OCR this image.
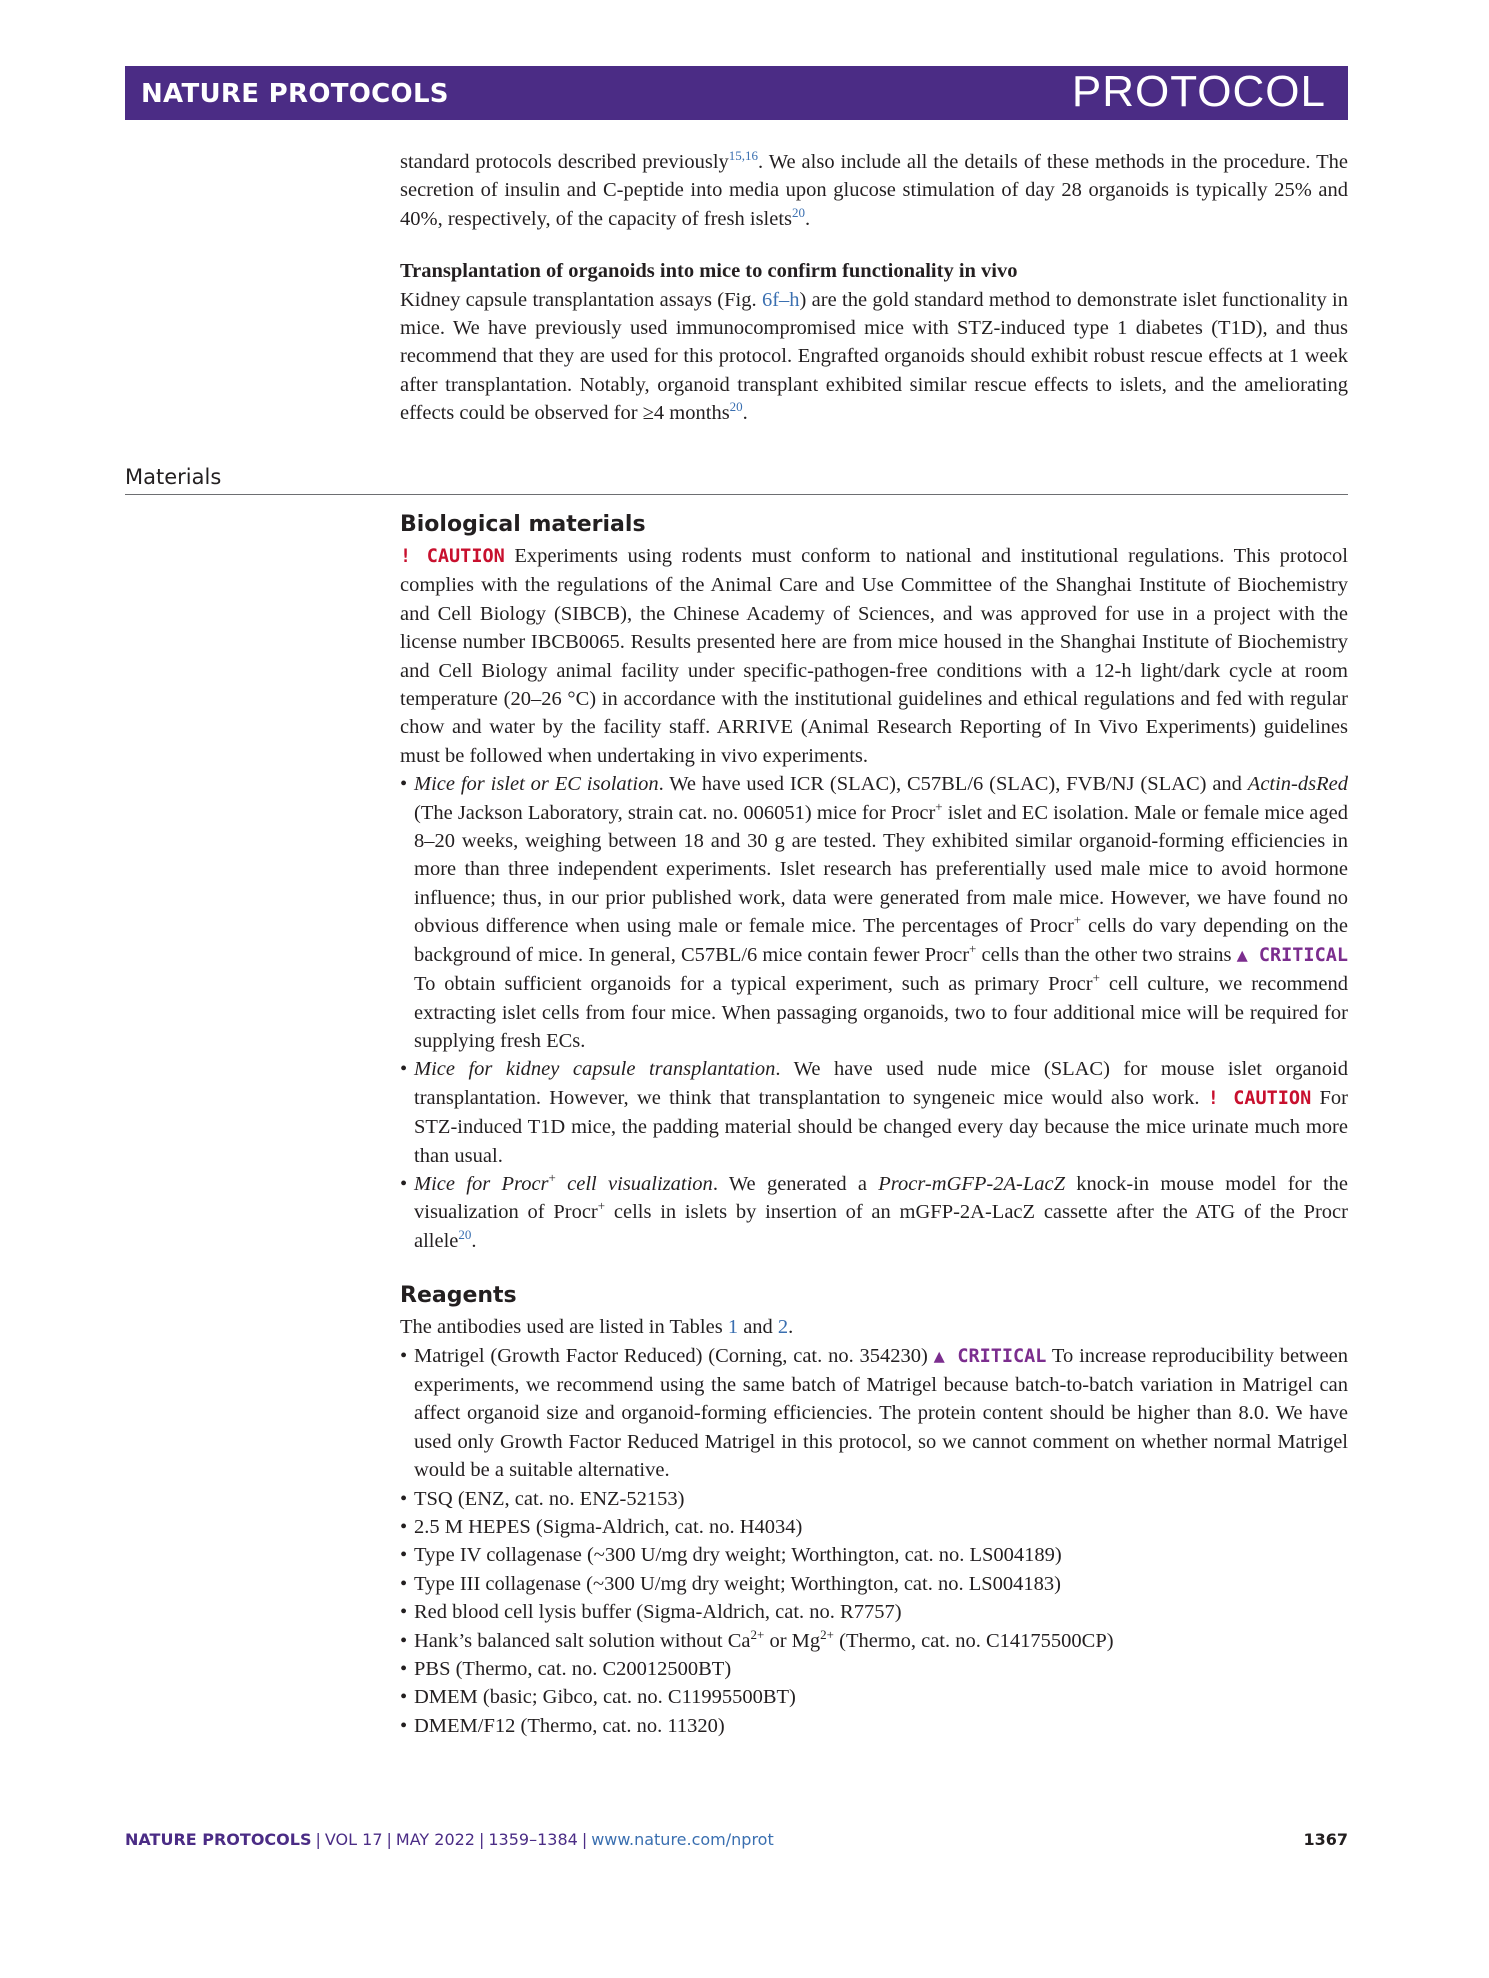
NATURE PROTOCOLS	PROTOCOL

standard protocols described previously$^{15,16}$. We also include all the details of these methods in the procedure. The secretion of insulin and C-peptide into media upon glucose stimulation of day 28 organoids is typically 25% and 40%, respectively, of the capacity of fresh islets$^{20}$.

Transplantation of organoids into mice to confirm functionality in vivo

Kidney capsule transplantation assays (Fig. 6f–h) are the gold standard method to demonstrate islet functionality in mice. We have previously used immunocompromised mice with STZ-induced type 1 diabetes (T1D), and thus recommend that they are used for this protocol. Engrafted organoids should exhibit robust rescue effects at 1 week after transplantation. Notably, organoid transplant exhibited similar rescue effects to islets, and the ameliorating effects could be observed for ≥4 months$^{20}$.

Materials
Biological materials

! CAUTION Experiments using rodents must conform to national and institutional regulations. This protocol complies with the regulations of the Animal Care and Use Committee of the Shanghai Institute of Biochemistry and Cell Biology (SIBCB), the Chinese Academy of Sciences, and was approved for use in a project with the license number IBCB0065. Results presented here are from mice housed in the Shanghai Institute of Biochemistry and Cell Biology animal facility under specific-pathogen-free conditions with a 12-h light/dark cycle at room temperature (20–26 °C) in accordance with the institutional guidelines and ethical regulations and fed with regular chow and water by the facility staff. ARRIVE (Animal Research Reporting of In Vivo Experiments) guidelines must be followed when undertaking in vivo experiments.

• Mice for islet or EC isolation. We have used ICR (SLAC), C57BL/6 (SLAC), FVB/NJ (SLAC) and Actin-dsRed (The Jackson Laboratory, strain cat. no. 006051) mice for Procr+ islet and EC isolation. Male or female mice aged 8–20 weeks, weighing between 18 and 30 g are tested. They exhibited similar organoid-forming efficiencies in more than three independent experiments. Islet research has preferentially used male mice to avoid hormone influence; thus, in our prior published work, data were generated from male mice. However, we have found no obvious difference when using male or female mice. The percentages of Procr+ cells do vary depending on the background of mice. In general, C57BL/6 mice contain fewer Procr+ cells than the other two strains ▲ CRITICAL To obtain sufficient organoids for a typical experiment, such as primary Procr+ cell culture, we recommend extracting islet cells from four mice. When passaging organoids, two to four additional mice will be required for supplying fresh ECs.
• Mice for kidney capsule transplantation. We have used nude mice (SLAC) for mouse islet organoid transplantation. However, we think that transplantation to syngeneic mice would also work. ! CAUTION For STZ-induced T1D mice, the padding material should be changed every day because the mice urinate much more than usual.
• Mice for Procr+ cell visualization. We generated a Procr-mGFP-2A-LacZ knock-in mouse model for the visualization of Procr+ cells in islets by insertion of an mGFP-2A-LacZ cassette after the ATG of the Procr allele$^{20}$.
Reagents

The antibodies used are listed in Tables 1 and 2.

• Matrigel (Growth Factor Reduced) (Corning, cat. no. 354230) ▲ CRITICAL To increase reproducibility between experiments, we recommend using the same batch of Matrigel because batch-to-batch variation in Matrigel can affect organoid size and organoid-forming efficiencies. The protein content should be higher than 8.0. We have used only Growth Factor Reduced Matrigel in this protocol, so we cannot comment on whether normal Matrigel would be a suitable alternative.
• TSQ (ENZ, cat. no. ENZ-52153)
• 2.5 M HEPES (Sigma-Aldrich, cat. no. H4034)
• Type IV collagenase (~300 U/mg dry weight; Worthington, cat. no. LS004189)
• Type III collagenase (~300 U/mg dry weight; Worthington, cat. no. LS004183)
• Red blood cell lysis buffer (Sigma-Aldrich, cat. no. R7757)
• Hank’s balanced salt solution without $Ca^{2+}$ or $Mg^{2+}$ (Thermo, cat. no. C14175500CP)
• PBS (Thermo, cat. no. C20012500BT)
• DMEM (basic; Gibco, cat. no. C11995500BT)
• DMEM/F12 (Thermo, cat. no. 11320)
NATURE PROTOCOLS | VOL 17 | MAY 2022 | 1359–1384 | www.nature.com/nprot	1367
